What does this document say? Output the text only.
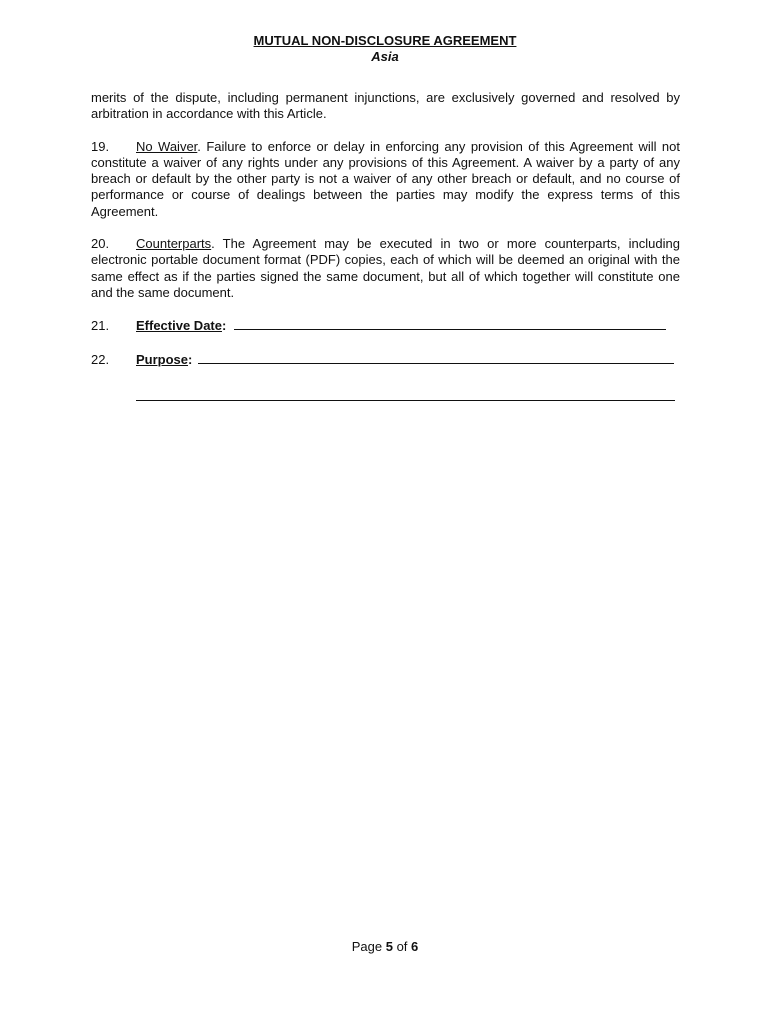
MUTUAL NON-DISCLOSURE AGREEMENT
Asia

merits of the dispute, including permanent injunctions, are exclusively governed and resolved by arbitration in accordance with this Article.

19. No Waiver. Failure to enforce or delay in enforcing any provision of this Agreement will not constitute a waiver of any rights under any provisions of this Agreement. A waiver by a party of any breach or default by the other party is not a waiver of any other breach or default, and no course of performance or course of dealings between the parties may modify the express terms of this Agreement.

20. Counterparts. The Agreement may be executed in two or more counterparts, including electronic portable document format (PDF) copies, each of which will be deemed an original with the same effect as if the parties signed the same document, but all of which together will constitute one and the same document.

21.	Effective Date:
22.	Purpose:
Page 5 of 6
